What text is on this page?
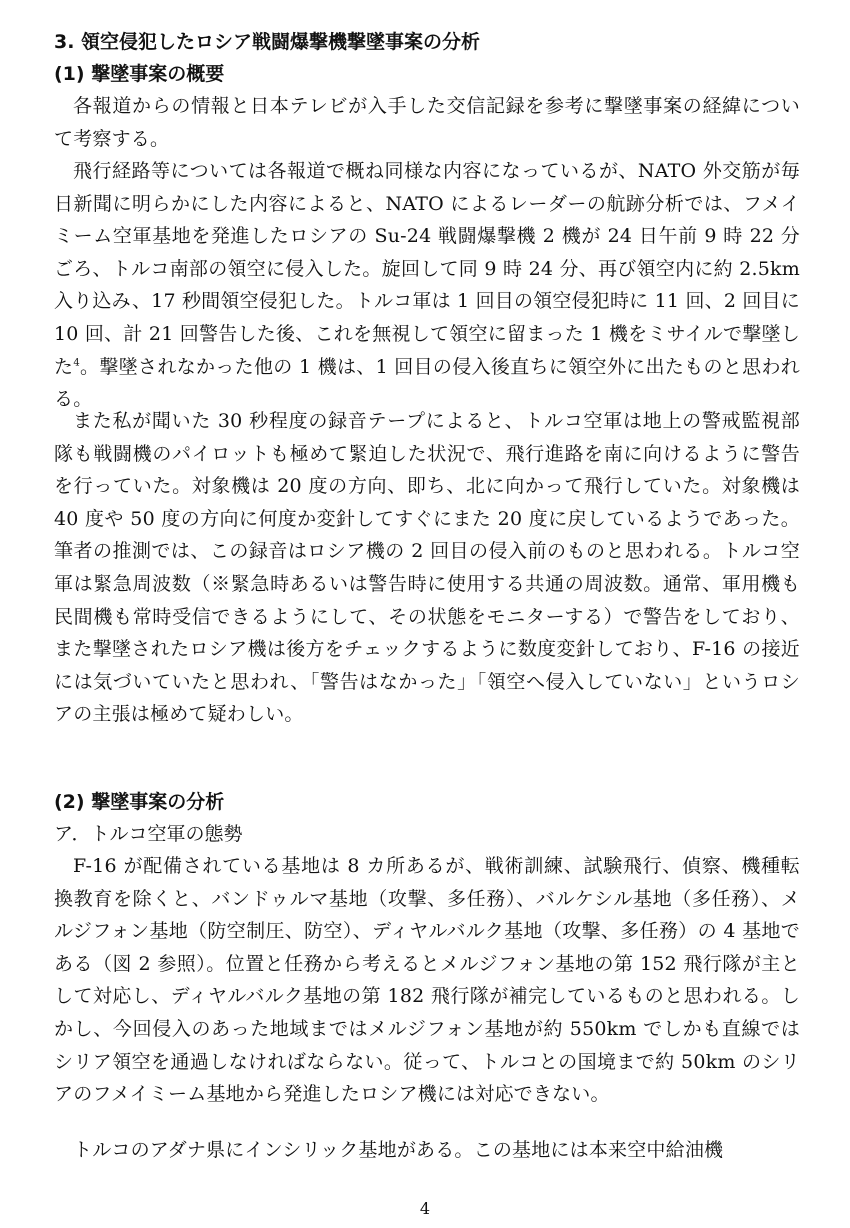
3. 領空侵犯したロシア戦闘爆撃機撃墜事案の分析
(1) 撃墜事案の概要

各報道からの情報と日本テレビが入手した交信記録を参考に撃墜事案の経緯について考察する。

飛行経路等については各報道で概ね同様な内容になっているが、NATO 外交筋が毎日新聞に明らかにした内容によると、NATO によるレーダーの航跡分析では、フメイミーム空軍基地を発進したロシアの Su-24 戦闘爆撃機 2 機が 24 日午前 9 時 22 分ごろ、トルコ南部の領空に侵入した。旋回して同 9 時 24 分、再び領空内に約 2.5km 入り込み、17 秒間領空侵犯した。トルコ軍は 1 回目の領空侵犯時に 11 回、2 回目に 10 回、計 21 回警告した後、これを無視して領空に留まった 1 機をミサイルで撃墜した$^4$。撃墜されなかった他の 1 機は、1 回目の侵入後直ちに領空外に出たものと思われる。

また私が聞いた 30 秒程度の録音テープによると、トルコ空軍は地上の警戒監視部隊も戦闘機のパイロットも極めて緊迫した状況で、飛行進路を南に向けるように警告を行っていた。対象機は 20 度の方向、即ち、北に向かって飛行していた。対象機は 40 度や 50 度の方向に何度か変針してすぐにまた 20 度に戻しているようであった。筆者の推測では、この録音はロシア機の 2 回目の侵入前のものと思われる。トルコ空軍は緊急周波数（※緊急時あるいは警告時に使用する共通の周波数。通常、軍用機も民間機も常時受信できるようにして、その状態をモニターする）で警告をしており、また撃墜されたロシア機は後方をチェックするように数度変針しており、F-16 の接近には気づいていたと思われ、「警告はなかった」「領空へ侵入していない」というロシアの主張は極めて疑わしい。

(2) 撃墜事案の分析
ア．トルコ空軍の態勢

F-16 が配備されている基地は 8 カ所あるが、戦術訓練、試験飛行、偵察、機種転換教育を除くと、バンドゥルマ基地（攻撃、多任務）、バルケシル基地（多任務）、メルジフォン基地（防空制圧、防空）、ディヤルバルク基地（攻撃、多任務）の 4 基地である（図 2 参照）。位置と任務から考えるとメルジフォン基地の第 152 飛行隊が主として対応し、ディヤルバルク基地の第 182 飛行隊が補完しているものと思われる。しかし、今回侵入のあった地域まではメルジフォン基地が約 550km でしかも直線ではシリア領空を通過しなければならない。従って、トルコとの国境まで約 50km のシリアのフメイミーム基地から発進したロシア機には対応できない。

トルコのアダナ県にインシリック基地がある。この基地には本来空中給油機

4
